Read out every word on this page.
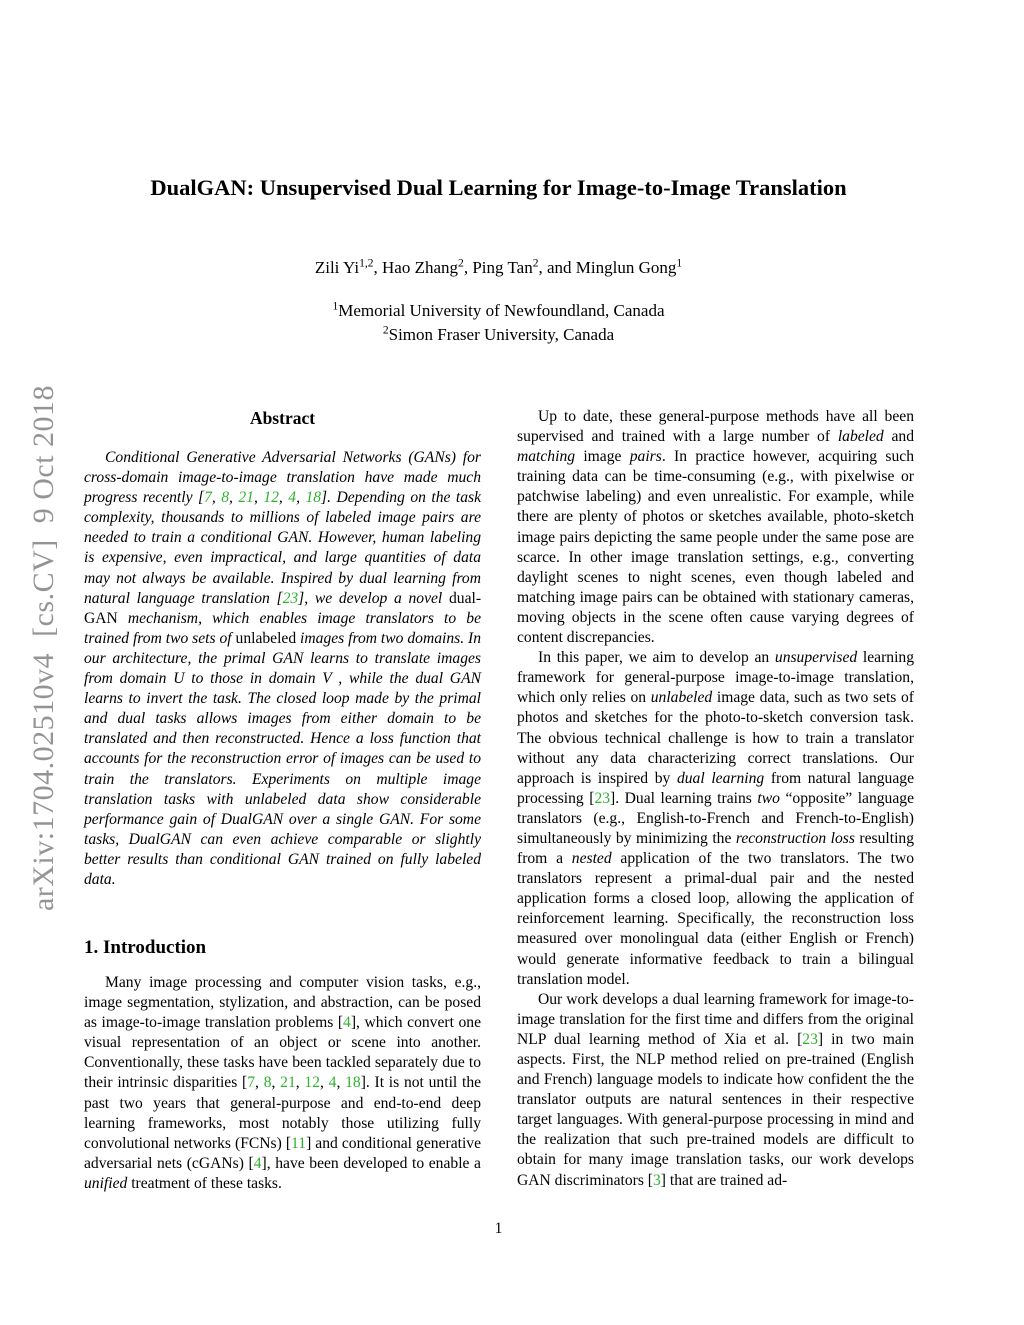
arXiv:1704.02510v4  [cs.CV]  9 Oct 2018
DualGAN: Unsupervised Dual Learning for Image-to-Image Translation
Zili Yi$^{1,2}$, Hao Zhang$^2$, Ping Tan$^2$, and Minglun Gong$^1$
$^1$Memorial University of Newfoundland, Canada
$^2$Simon Fraser University, Canada
Abstract

Conditional Generative Adversarial Networks (GANs) for cross-domain image-to-image translation have made much progress recently [7, 8, 21, 12, 4, 18]. Depending on the task complexity, thousands to millions of labeled image pairs are needed to train a conditional GAN. However, human labeling is expensive, even impractical, and large quantities of data may not always be available. Inspired by dual learning from natural language translation [23], we develop a novel dual-GAN mechanism, which enables image translators to be trained from two sets of unlabeled images from two domains. In our architecture, the primal GAN learns to translate images from domain U to those in domain V , while the dual GAN learns to invert the task. The closed loop made by the primal and dual tasks allows images from either domain to be translated and then reconstructed. Hence a loss function that accounts for the reconstruction error of images can be used to train the translators. Experiments on multiple image translation tasks with unlabeled data show considerable performance gain of DualGAN over a single GAN. For some tasks, DualGAN can even achieve comparable or slightly better results than conditional GAN trained on fully labeled data.

1. Introduction

Many image processing and computer vision tasks, e.g., image segmentation, stylization, and abstraction, can be posed as image-to-image translation problems [4], which convert one visual representation of an object or scene into another. Conventionally, these tasks have been tackled separately due to their intrinsic disparities [7, 8, 21, 12, 4, 18]. It is not until the past two years that general-purpose and end-to-end deep learning frameworks, most notably those utilizing fully convolutional networks (FCNs) [11] and conditional generative adversarial nets (cGANs) [4], have been developed to enable a unified treatment of these tasks.

Up to date, these general-purpose methods have all been supervised and trained with a large number of labeled and matching image pairs. In practice however, acquiring such training data can be time-consuming (e.g., with pixelwise or patchwise labeling) and even unrealistic. For example, while there are plenty of photos or sketches available, photo-sketch image pairs depicting the same people under the same pose are scarce. In other image translation settings, e.g., converting daylight scenes to night scenes, even though labeled and matching image pairs can be obtained with stationary cameras, moving objects in the scene often cause varying degrees of content discrepancies.

In this paper, we aim to develop an unsupervised learning framework for general-purpose image-to-image translation, which only relies on unlabeled image data, such as two sets of photos and sketches for the photo-to-sketch conversion task. The obvious technical challenge is how to train a translator without any data characterizing correct translations. Our approach is inspired by dual learning from natural language processing [23]. Dual learning trains two “opposite” language translators (e.g., English-to-French and French-to-English) simultaneously by minimizing the reconstruction loss resulting from a nested application of the two translators. The two translators represent a primal-dual pair and the nested application forms a closed loop, allowing the application of reinforcement learning. Specifically, the reconstruction loss measured over monolingual data (either English or French) would generate informative feedback to train a bilingual translation model.

Our work develops a dual learning framework for image-to-image translation for the first time and differs from the original NLP dual learning method of Xia et al. [23] in two main aspects. First, the NLP method relied on pre-trained (English and French) language models to indicate how confident the the translator outputs are natural sentences in their respective target languages. With general-purpose processing in mind and the realization that such pre-trained models are difficult to obtain for many image translation tasks, our work develops GAN discriminators [3] that are trained ad-

1
